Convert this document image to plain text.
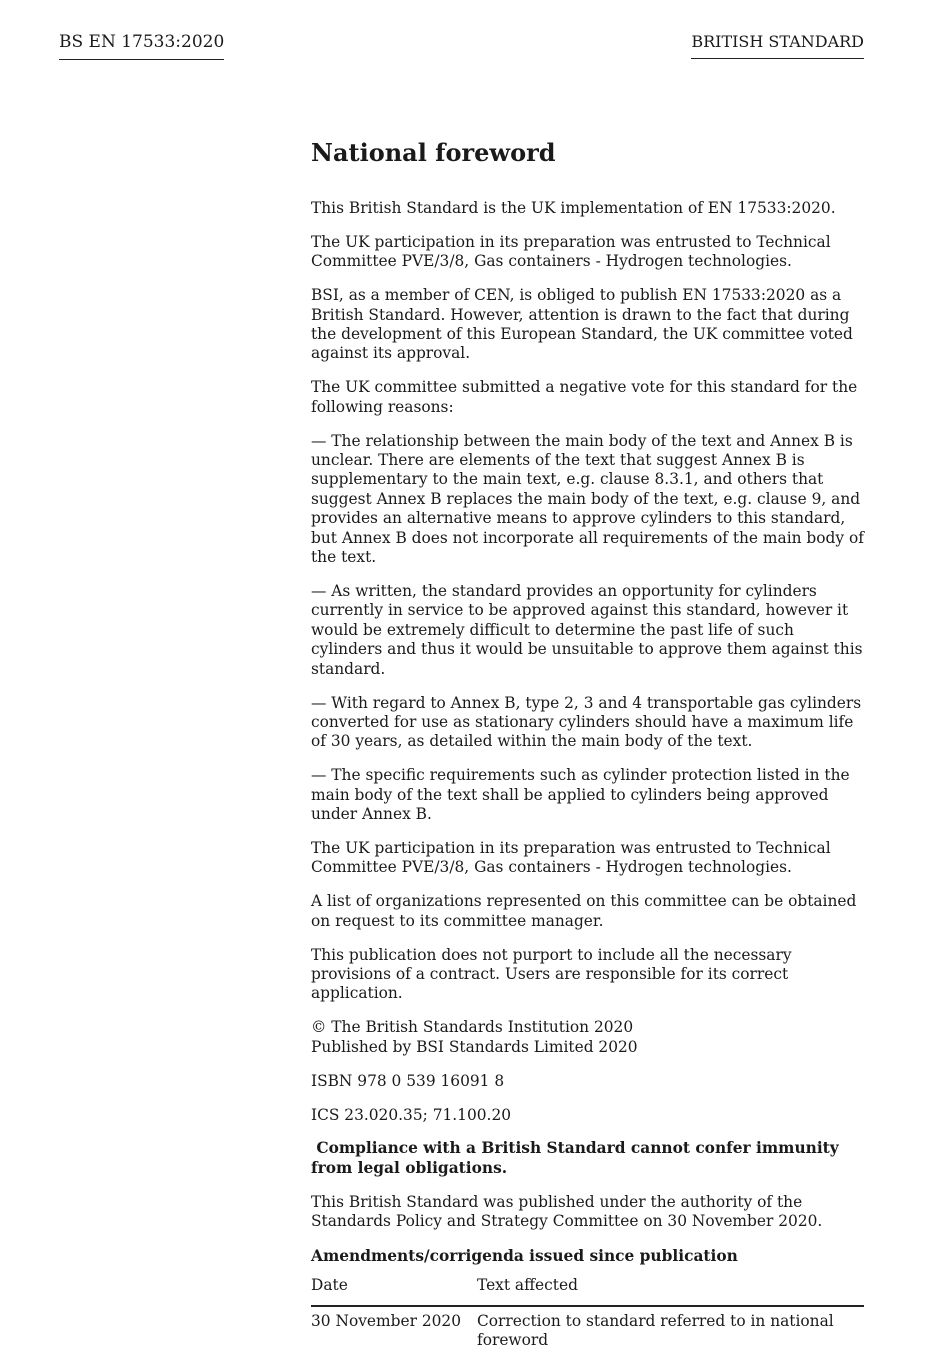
BS EN 17533:2020	BRITISH STANDARD
National foreword

This British Standard is the UK implementation of EN 17533:2020.

The UK participation in its preparation was entrusted to Technical Committee PVE/3/8, Gas containers - Hydrogen technologies.

BSI, as a member of CEN, is obliged to publish EN 17533:2020 as a British Standard. However, attention is drawn to the fact that during the development of this European Standard, the UK committee voted against its approval.

The UK committee submitted a negative vote for this standard for the following reasons:

— The relationship between the main body of the text and Annex B is unclear. There are elements of the text that suggest Annex B is supplementary to the main text, e.g. clause 8.3.1, and others that suggest Annex B replaces the main body of the text, e.g. clause 9, and provides an alternative means to approve cylinders to this standard, but Annex B does not incorporate all requirements of the main body of the text.

— As written, the standard provides an opportunity for cylinders currently in service to be approved against this standard, however it would be extremely difficult to determine the past life of such cylinders and thus it would be unsuitable to approve them against this standard.

— With regard to Annex B, type 2, 3 and 4 transportable gas cylinders converted for use as stationary cylinders should have a maximum life of 30 years, as detailed within the main body of the text.

— The specific requirements such as cylinder protection listed in the main body of the text shall be applied to cylinders being approved under Annex B.

The UK participation in its preparation was entrusted to Technical Committee PVE/3/8, Gas containers - Hydrogen technologies.

A list of organizations represented on this committee can be obtained on request to its committee manager.

This publication does not purport to include all the necessary provisions of a contract. Users are responsible for its correct application.

© The British Standards Institution 2020
Published by BSI Standards Limited 2020

ISBN 978 0 539 16091 8

ICS 23.020.35; 71.100.20

Compliance with a British Standard cannot confer immunity from legal obligations.

This British Standard was published under the authority of the Standards Policy and Strategy Committee on 30 November 2020.

Amendments/corrigenda issued since publication
Date	Text affected
30 November 2020	Correction to standard referred to in national foreword
